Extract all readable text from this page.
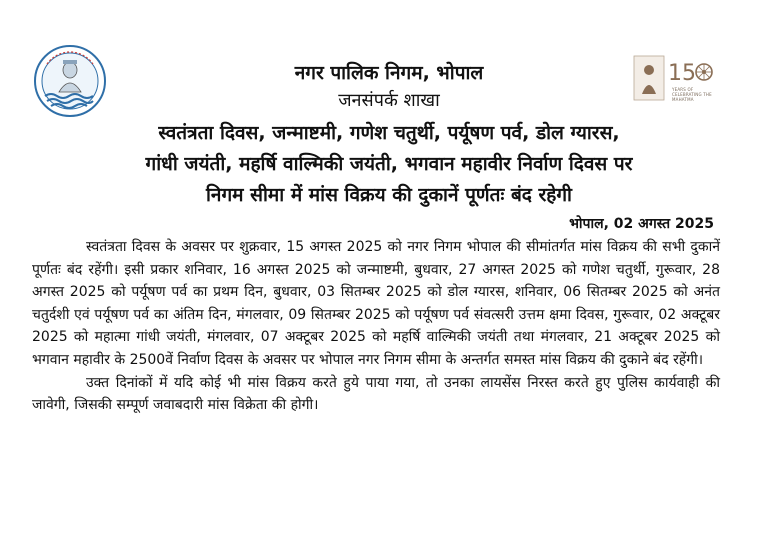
1 5
YEARS OF CELEBRATING THE MAHATMA
नगर पालिक निगम, भोपाल
जनसंपर्क शाखा
स्वतंत्रता दिवस, जन्माष्टमी, गणेश चतुर्थी, पर्यूषण पर्व, डोल ग्यारस,
गांधी जयंती, महर्षि वाल्मिकी जयंती, भगवान महावीर निर्वाण दिवस पर
निगम सीमा में मांस विक्रय की दुकानें पूर्णतः बंद रहेगी
भोपाल, 02 अगस्त 2025

स्वतंत्रता दिवस के अवसर पर शुक्रवार, 15 अगस्त 2025 को नगर निगम भोपाल की सीमांतर्गत मांस विक्रय की सभी दुकानें पूर्णतः बंद रहेंगी। इसी प्रकार शनिवार, 16 अगस्त 2025 को जन्माष्टमी, बुधवार, 27 अगस्त 2025 को गणेश चतुर्थी, गुरूवार, 28 अगस्त 2025 को पर्यूषण पर्व का प्रथम दिन, बुधवार, 03 सितम्बर 2025 को डोल ग्यारस, शनिवार, 06 सितम्बर 2025 को अनंत चतुर्दशी एवं पर्यूषण पर्व का अंतिम दिन, मंगलवार, 09 सितम्बर 2025 को पर्यूषण पर्व संवत्सरी उत्तम क्षमा दिवस, गुरूवार, 02 अक्टूबर 2025 को महात्मा गांधी जयंती, मंगलवार, 07 अक्टूबर 2025 को महर्षि वाल्मिकी जयंती तथा मंगलवार, 21 अक्टूबर 2025 को भगवान महावीर के 2500वें निर्वाण दिवस के अवसर पर भोपाल नगर निगम सीमा के अन्तर्गत समस्त मांस विक्रय की दुकाने बंद रहेंगी।

उक्त दिनांकों में यदि कोई भी मांस विक्रय करते हुये पाया गया, तो उनका लायसेंस निरस्त करते हुए पुलिस कार्यवाही की जावेगी, जिसकी सम्पूर्ण जवाबदारी मांस विक्रेता की होगी।
